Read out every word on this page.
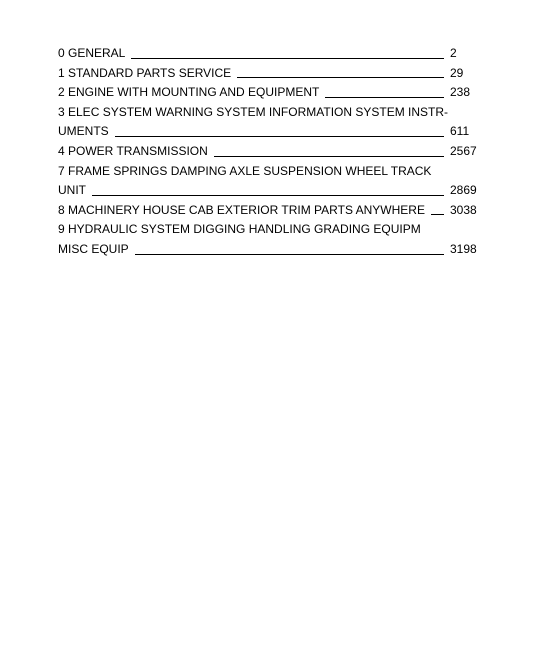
0 GENERAL	2
1 STANDARD PARTS SERVICE	29
2 ENGINE WITH MOUNTING AND EQUIPMENT	238
3 ELEC SYSTEM WARNING SYSTEM INFORMATION SYSTEM INSTR-
UMENTS	611
4 POWER TRANSMISSION	2567
7 FRAME SPRINGS DAMPING AXLE SUSPENSION WHEEL TRACK
UNIT	2869
8 MACHINERY HOUSE CAB EXTERIOR TRIM PARTS ANYWHERE 3038
9 HYDRAULIC SYSTEM DIGGING HANDLING GRADING EQUIPM
MISC EQUIP	3198
